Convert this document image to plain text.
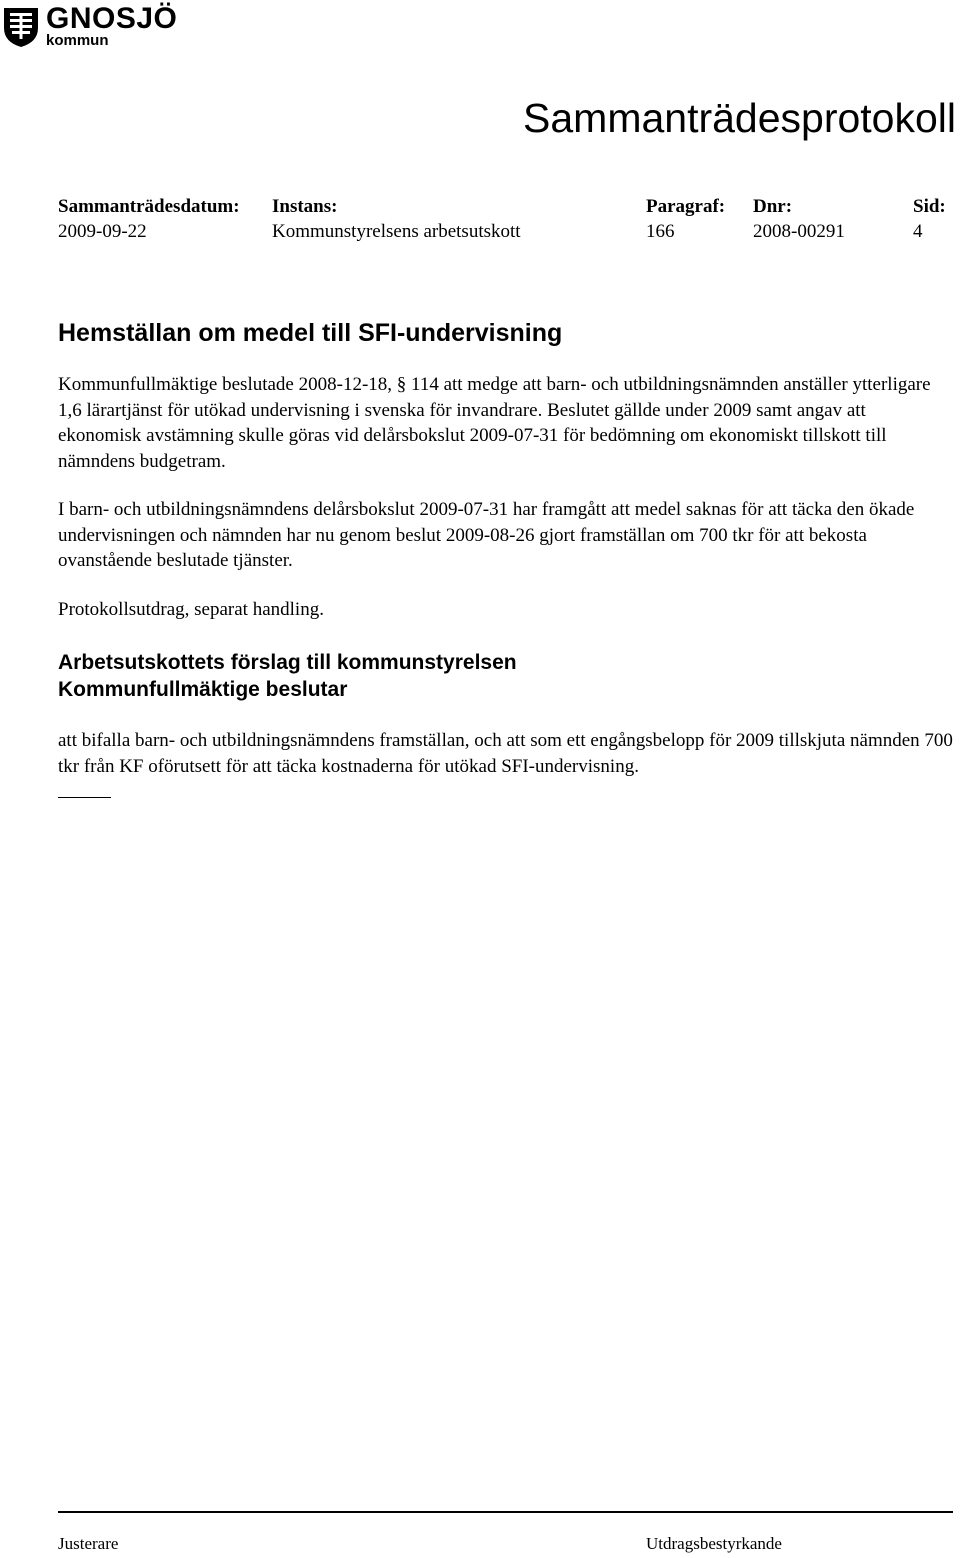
GNOSJÖ
kommun
Sammanträdesprotokoll
Sammanträdesdatum:
2009-09-22
Instans:
Kommunstyrelsens arbetsutskott
Paragraf:
166
Dnr:
2008-00291
Sid:
4
Hemställan om medel till SFI-undervisning

Kommunfullmäktige beslutade 2008-12-18, § 114 att medge att barn- och utbildningsnämnden anställer ytterligare 1,6 lärartjänst för utökad undervisning i svenska för invandrare. Beslutet gällde under 2009 samt angav att ekonomisk avstämning skulle göras vid delårsbokslut 2009-07-31 för bedömning om ekonomiskt tillskott till nämndens budgetram.

I barn- och utbildningsnämndens delårsbokslut 2009-07-31 har framgått att medel saknas för att täcka den ökade undervisningen och nämnden har nu genom beslut 2009-08-26 gjort framställan om 700 tkr för att bekosta ovanstående beslutade tjänster.

Protokollsutdrag, separat handling.

Arbetsutskottets förslag till kommunstyrelsen
Kommunfullmäktige beslutar

att bifalla barn- och utbildningsnämndens framställan, och att som ett engångsbelopp för 2009 tillskjuta nämnden 700 tkr från KF oförutsett för att täcka kostnaderna för utökad SFI-undervisning.

Justerare	Utdragsbestyrkande
